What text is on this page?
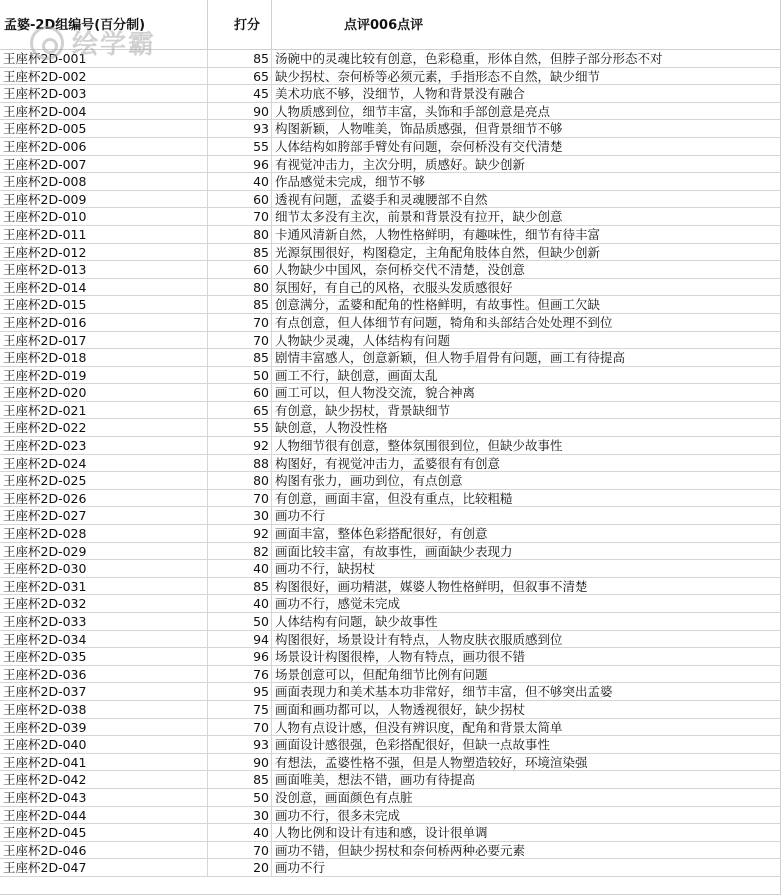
孟婆-2D组编号(百分制)	打分	点评006点评
王座杯2D-001	85 汤碗中的灵魂比较有创意，色彩稳重，形体自然，但脖子部分形态不对
王座杯2D-002	65 缺少拐杖、奈何桥等必须元素，手指形态不自然，缺少细节
王座杯2D-003	45 美术功底不够，没细节，人物和背景没有融合
王座杯2D-004	90 人物质感到位，细节丰富，头饰和手部创意是亮点
王座杯2D-005	93 构图新颖，人物唯美，饰品质感强，但背景细节不够
王座杯2D-006	55 人体结构如胯部手臂处有问题，奈何桥没有交代清楚
王座杯2D-007	96 有视觉冲击力，主次分明，质感好。缺少创新
王座杯2D-008	40 作品感觉未完成，细节不够
王座杯2D-009	60 透视有问题，孟婆手和灵魂腰部不自然
王座杯2D-010	70 细节太多没有主次，前景和背景没有拉开，缺少创意
王座杯2D-011	80 卡通风清新自然，人物性格鲜明，有趣味性，细节有待丰富
王座杯2D-012	85 光源氛围很好，构图稳定，主角配角肢体自然，但缺少创新
王座杯2D-013	60 人物缺少中国风，奈何桥交代不清楚，没创意
王座杯2D-014	80 氛围好，有自己的风格，衣服头发质感很好
王座杯2D-015	85 创意满分，孟婆和配角的性格鲜明，有故事性。但画工欠缺
王座杯2D-016	70 有点创意，但人体细节有问题，犄角和头部结合处处理不到位
王座杯2D-017	70 人物缺少灵魂，人体结构有问题
王座杯2D-018	85 剧情丰富感人，创意新颖，但人物手眉骨有问题，画工有待提高
王座杯2D-019	50 画工不行，缺创意，画面太乱
王座杯2D-020	60 画工可以，但人物没交流，貌合神离
王座杯2D-021	65 有创意，缺少拐杖，背景缺细节
王座杯2D-022	55 缺创意，人物没性格
王座杯2D-023	92 人物细节很有创意，整体氛围很到位，但缺少故事性
王座杯2D-024	88 构图好，有视觉冲击力，孟婆很有有创意
王座杯2D-025	80 构图有张力，画功到位，有点创意
王座杯2D-026	70 有创意，画面丰富，但没有重点，比较粗糙
王座杯2D-027	30 画功不行
王座杯2D-028	92 画面丰富，整体色彩搭配很好，有创意
王座杯2D-029	82 画面比较丰富，有故事性，画面缺少表现力
王座杯2D-030	40 画功不行，缺拐杖
王座杯2D-031	85 构图很好，画功精湛，媒婆人物性格鲜明，但叙事不清楚
王座杯2D-032	40 画功不行，感觉未完成
王座杯2D-033	50 人体结构有问题，缺少故事性
王座杯2D-034	94 构图很好，场景设计有特点，人物皮肤衣服质感到位
王座杯2D-035	96 场景设计构图很棒，人物有特点，画功很不错
王座杯2D-036	76 场景创意可以，但配角细节比例有问题
王座杯2D-037	95 画面表现力和美术基本功非常好，细节丰富，但不够突出孟婆
王座杯2D-038	75 画面和画功都可以，人物透视很好，缺少拐杖
王座杯2D-039	70 人物有点设计感，但没有辨识度，配角和背景太简单
王座杯2D-040	93 画面设计感很强，色彩搭配很好，但缺一点故事性
王座杯2D-041	90 有想法，孟婆性格不强，但是人物塑造较好，环境渲染强
王座杯2D-042	85 画面唯美，想法不错，画功有待提高
王座杯2D-043	50 没创意，画面颜色有点脏
王座杯2D-044	30 画功不行，很多未完成
王座杯2D-045	40 人物比例和设计有违和感，设计很单调
王座杯2D-046	70 画功不错，但缺少拐杖和奈何桥两种必要元素
王座杯2D-047	20 画功不行
绘学霸
